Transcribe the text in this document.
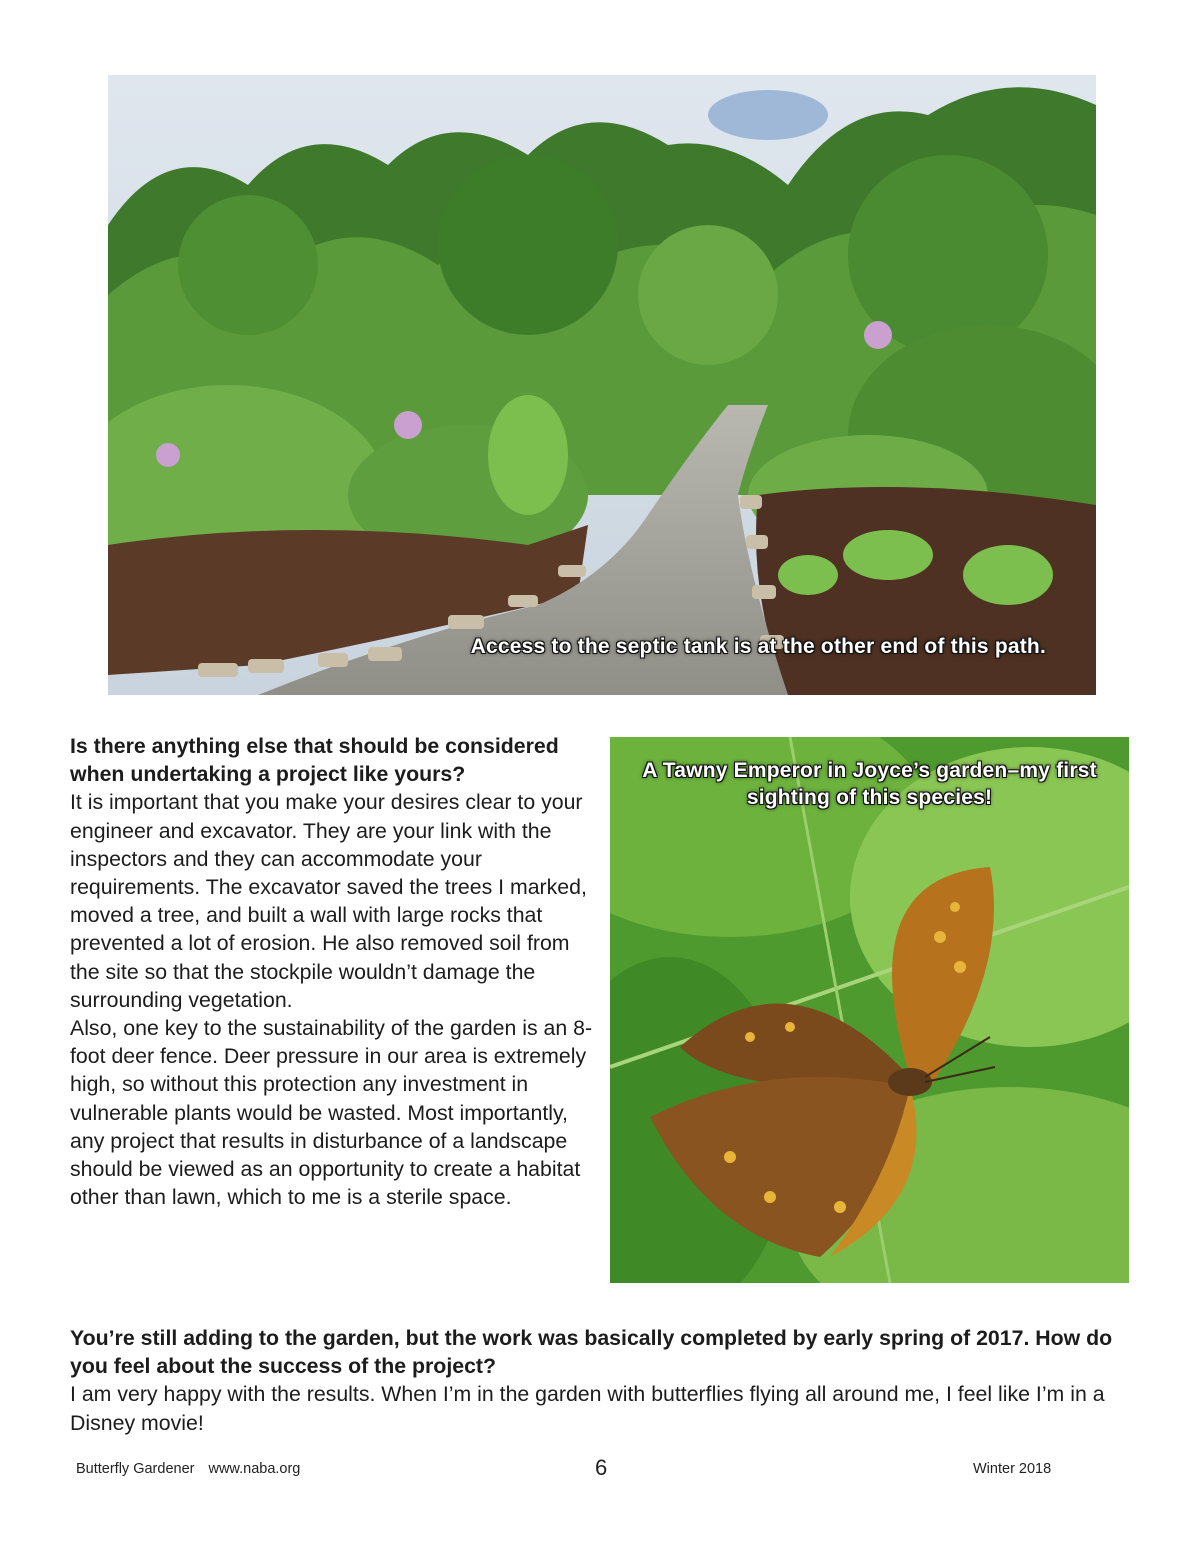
Access to the septic tank is at the other end of this path.
A Tawny Emperor in Joyce’s garden–my first sighting of this species!

Is there anything else that should be considered when undertaking a project like yours?

It is important that you make your desires clear to your engineer and excavator. They are your link with the inspectors and they can accommodate your requirements. The excavator saved the trees I marked, moved a tree, and built a wall with large rocks that prevented a lot of erosion. He also removed soil from the site so that the stockpile wouldn’t damage the surrounding vegetation.

Also, one key to the sustainability of the garden is an 8-foot deer fence. Deer pressure in our area is extremely high, so without this protection any investment in vulnerable plants would be wasted. Most importantly, any project that results in disturbance of a landscape should be viewed as an opportunity to create a habitat other than lawn, which to me is a sterile space.

You’re still adding to the garden, but the work was basically completed by early spring of 2017. How do you feel about the success of the project?

I am very happy with the results. When I’m in the garden with butterflies flying all around me, I feel like I’m in a Disney movie!

Butterfly Gardener www.naba.org	6	Winter 2018
